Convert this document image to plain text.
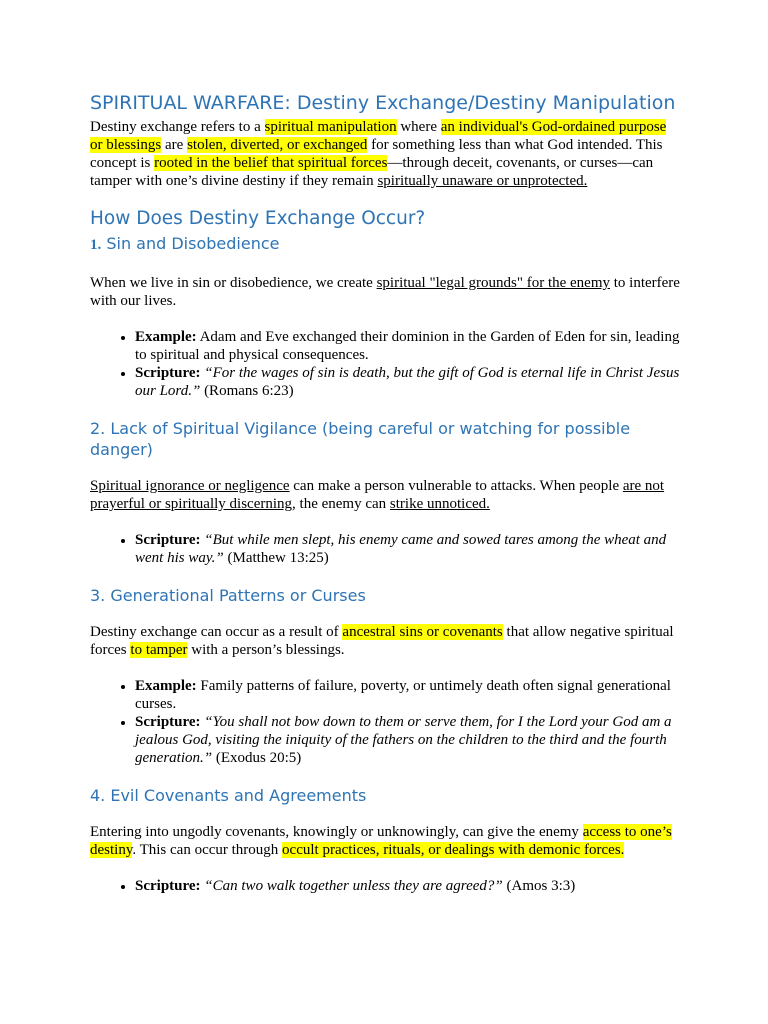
SPIRITUAL WARFARE: Destiny Exchange/Destiny Manipulation

Destiny exchange refers to a spiritual manipulation where an individual's God-ordained purpose or blessings are stolen, diverted, or exchanged for something less than what God intended. This concept is rooted in the belief that spiritual forces—through deceit, covenants, or curses—can tamper with one’s divine destiny if they remain spiritually unaware or unprotected.

How Does Destiny Exchange Occur?
1. Sin and Disobedience

When we live in sin or disobedience, we create spiritual "legal grounds" for the enemy to interfere with our lives.

• Example: Adam and Eve exchanged their dominion in the Garden of Eden for sin, leading to spiritual and physical consequences.
• Scripture: “For the wages of sin is death, but the gift of God is eternal life in Christ Jesus our Lord.” (Romans 6:23)
2. Lack of Spiritual Vigilance (being careful or watching for possible danger)

Spiritual ignorance or negligence can make a person vulnerable to attacks. When people are not prayerful or spiritually discerning, the enemy can strike unnoticed.

• Scripture: “But while men slept, his enemy came and sowed tares among the wheat and went his way.” (Matthew 13:25)
3. Generational Patterns or Curses

Destiny exchange can occur as a result of ancestral sins or covenants that allow negative spiritual forces to tamper with a person’s blessings.

• Example: Family patterns of failure, poverty, or untimely death often signal generational curses.
• Scripture: “You shall not bow down to them or serve them, for I the Lord your God am a jealous God, visiting the iniquity of the fathers on the children to the third and the fourth generation.” (Exodus 20:5)
4. Evil Covenants and Agreements

Entering into ungodly covenants, knowingly or unknowingly, can give the enemy access to one’s destiny. This can occur through occult practices, rituals, or dealings with demonic forces.

• Scripture: “Can two walk together unless they are agreed?” (Amos 3:3)
